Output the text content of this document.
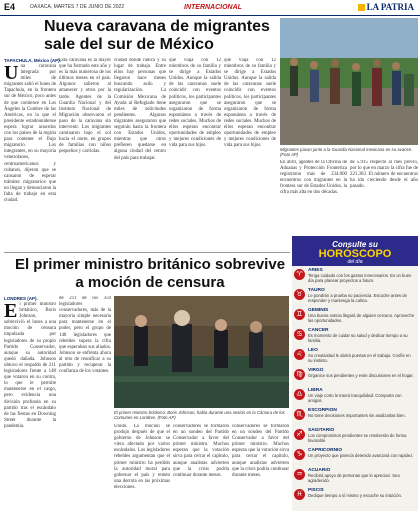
E4	OAXACA, MARTES 7 DE JUNIO DE 2022	INTERNACIONAL	LA PATRIA
Nueva caravana de migrantes sale del sur de México
TAPACHULA, México (AP).
Una caravana integrada por miles de migrantes salió el lunes de Tapachula, en la frontera sur de México, poco antes de que comience en Los Ángeles la Cumbre de las Américas, en la que el presidente estadounidense espera lograr acuerdos con los países de la región para contener el flujo migratorio. Los integrantes, en su mayoría venezolanos, centroamericanos y cubanos, dijeron que se cansaron de esperar trámites migratorios que no llegan y denunciaron la falta de trabajo en esta ciudad.
Esta caravana es la mayor que ha formado este año y es la más numerosa de los últimos meses en el país. Algunos salieron al amanecer y otros por la tarde. Agentes de la Guardia Nacional y del Instituto Nacional de Migración observaron el paso de la caravana sin intervenir. Los migrantes caminaron bajo el sol hacia el norte, en grupos de familias con niños pequeños y carriolas.
ciudad donde radica y su lugar de trabajo. Entre ellos hay personas que llegaron hace meses buscando asilo y regularización. La Comisión Mexicana de Ayuda al Refugiado tiene miles de solicitudes pendientes. Algunos migrantes aseguraron que seguirán hasta la frontera con Estados Unidos, mientras que otros prefieren quedarse en alguna ciudad del centro del país para trabajar.
que viaja con 12 miembros de su familia y se dirige a Estados Unidos. Aunque la salida de las caravanas suele coincidir con eventos políticos, los participantes aseguraron que se organizaron de forma espontánea a través de redes sociales. Muchos de ellos esperan encontrar oportunidades de empleo y mejores condiciones de vida para sus hijos.
que viaja con 12 miembros de su familia y se dirige a Estados Unidos. Aunque la salida de las caravanas suele coincidir con eventos políticos, los participantes aseguraron que se organizaron de forma espontánea a través de redes sociales. Muchos de ellos esperan encontrar oportunidades de empleo y mejores condiciones de vida para sus hijos.
Migrantes pasan junto a la Guardia Nacional mexicana en su avance. (Foto AP)
En abril, agentes de la Oficina de Aduanas y Protección Fronteriza registraron más de 234.000 encuentros con migrantes en la frontera sur de Estados Unidos, la cifra más alta en dos décadas.
de 5.915 respecto al mes previo, por lo que en marzo la cifra fue de 221.303. El número de encuentros ha ido creciendo desde el año pasado.
El primer ministro británico sobrevive a moción de censura
LONDRES (AP).
El primer ministro británico, Boris Johnson, sobrevivió el lunes a una moción de censura impulsada por legisladores de su propio Partido Conservador, aunque su autoridad quedó dañada. Johnson obtuvo el respaldo de 211 legisladores frente a 148 que votaron en su contra, lo que le permite mantenerse en el cargo, pero evidencia una división profunda en su partido tras el escándalo de las fiestas en Downing Street durante la pandemia.
de 211 de los 359 legisladores conservadores, más de la mayoría simple necesaria para mantenerse en el poder, pero el grupo de 148 legisladores que rebeldes supera la cifra que esperaban sus aliados. Johnson se enfrenta ahora al reto de reunificar a su partido y recuperar la confianza de los votantes.
El primer ministro británico, Boris Johnson, habla durante una sesión en la Cámara de los Comunes en Londres. (Foto AP)
Unido. La moción se produjo después de que el gobierno de Johnson se viera afectado por varios escándalos. Los legisladores rebeldes argumentan que el primer ministro ha perdido la autoridad moral para gobernar el país y temen una derrota en las próximas elecciones.
conservadores se formaron en un sondeo del Partido Conservador a favor del primer ministro. Muchos esperan que la votación sirva para cerrar el capítulo, aunque analistas advierten que la crisis podría continuar durante meses.
conservadores se formaron en un sondeo del Partido Conservador a favor del primer ministro. Muchos esperan que la votación sirva para cerrar el capítulo, aunque analistas advierten que la crisis podría continuar durante meses.
Consulte su
HORÓSCOPO
del día
♈	ARIES
Tenga cuidado con los gastos innecesarios. Es un buen día para planear proyectos a futuro.
♉	TAURO
Le pondrán a prueba su paciencia. Escuche antes de responder y mantenga la calma.
♊	GÉMINIS
Una buena noticia llegará de alguien cercano. Aproveche las oportunidades.
♋	CÁNCER
Es momento de cuidar su salud y dedicar tiempo a su familia.
♌	LEO
Su creatividad le abrirá puertas en el trabajo. Confíe en su instinto.
♍	VIRGO
Organice sus pendientes y evite discusiones en el hogar.
♎	LIBRA
Un viaje corto le traerá tranquilidad. Comparta con amigos.
♏	ESCORPIÓN
No tome decisiones importantes sin analizarlas bien.
♐	SAGITARIO
Los compromisos pendientes se resolverán de forma favorable.
♑	CAPRICORNIO
Un proyecto que parecía detenido avanzará con rapidez.
♒	ACUARIO
Recibirá apoyo de personas que lo aprecian. Sea agradecido.
♓	PISCIS
Dedique tiempo a sí mismo y escuche su intuición.
